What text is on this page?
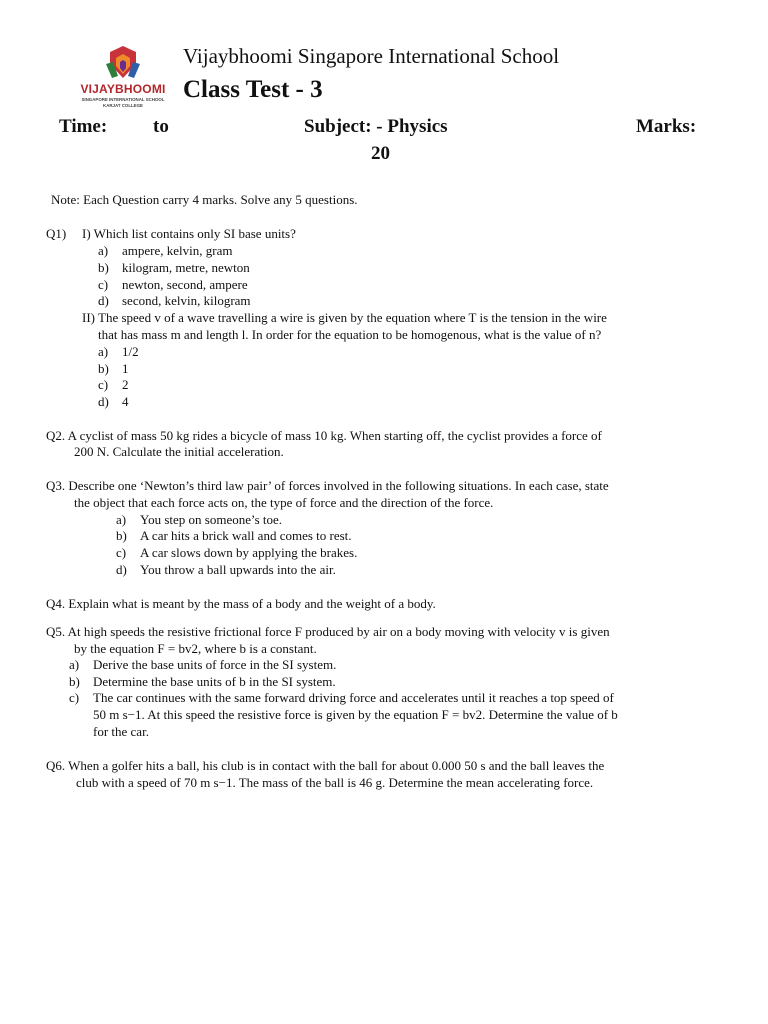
VIJAYBHOOMI
SINGAPORE INTERNATIONAL SCHOOL
KARJAT COLLEGE
Vijaybhoomi Singapore International School
Class Test - 3
Time: to	Subject: - Physics	Marks:
20
Note: Each Question carry 4 marks. Solve any 5 questions.
Q1) I) Which list contains only SI base units?
a) ampere, kelvin, gram
b) kilogram, metre, newton
c) newton, second, ampere
d) second, kelvin, kilogram
II) The speed v of a wave travelling a wire is given by the equation where T is the tension in the wire
that has mass m and length l. In order for the equation to be homogenous, what is the value of n?
a) 1/2
b) 1
c) 2
d) 4
Q2. A cyclist of mass 50 kg rides a bicycle of mass 10 kg. When starting off, the cyclist provides a force of
200 N. Calculate the initial acceleration.
Q3. Describe one ‘Newton’s third law pair’ of forces involved in the following situations. In each case, state
the object that each force acts on, the type of force and the direction of the force.
a) You step on someone’s toe.
b) A car hits a brick wall and comes to rest.
c) A car slows down by applying the brakes.
d) You throw a ball upwards into the air.
Q4. Explain what is meant by the mass of a body and the weight of a body.
Q5. At high speeds the resistive frictional force F produced by air on a body moving with velocity v is given
by the equation F = bv2, where b is a constant.
a) Derive the base units of force in the SI system.
b) Determine the base units of b in the SI system.
c) The car continues with the same forward driving force and accelerates until it reaches a top speed of
50 m s−1. At this speed the resistive force is given by the equation F = bv2. Determine the value of b
for the car.
Q6. When a golfer hits a ball, his club is in contact with the ball for about 0.000 50 s and the ball leaves the
club with a speed of 70 m s−1. The mass of the ball is 46 g. Determine the mean accelerating force.
